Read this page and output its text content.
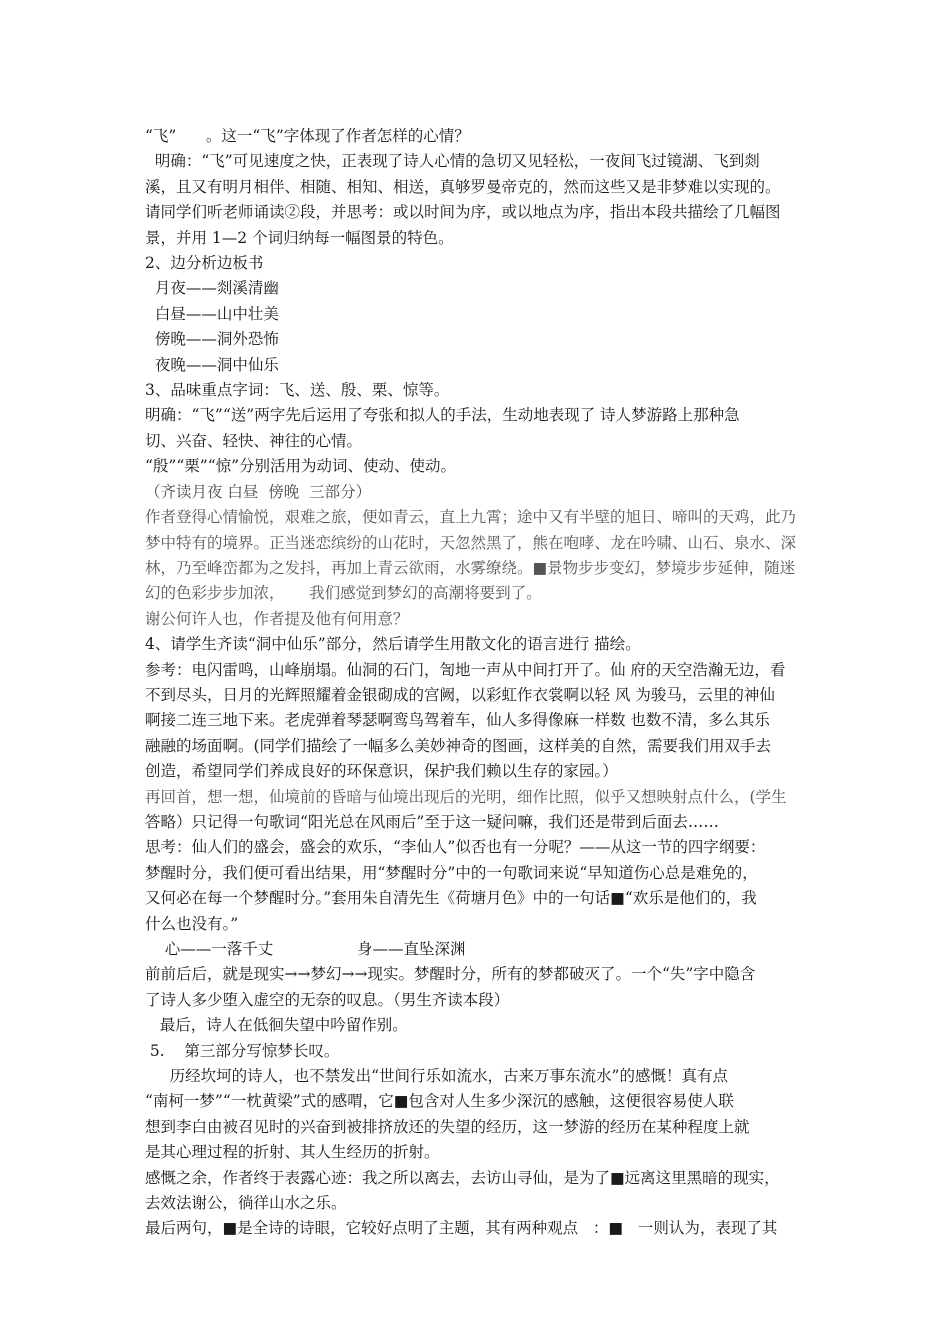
“飞”      。这一“飞”字体现了作者怎样的心情？
明确：“飞”可见速度之快，正表现了诗人心情的急切又见轻松，一夜间飞过镜湖、飞到剡
溪，且又有明月相伴、相随、相知、相送，真够罗曼帝克的，然而这些又是非梦难以实现的。
请同学们听老师诵读②段，并思考：或以时间为序，或以地点为序，指出本段共描绘了几幅图
景，并用 1—2 个词归纳每一幅图景的特色。
2、边分析边板书
月夜——剡溪清幽
白昼——山中壮美
傍晚——洞外恐怖
夜晚——洞中仙乐
3、品味重点字词：飞、送、殷、栗、惊等。
明确：“飞”“送”两字先后运用了夸张和拟人的手法，生动地表现了 诗人梦游路上那种急
切、兴奋、轻快、神往的心情。
“殷”“栗”“惊”分别活用为动词、使动、使动。
（齐读月夜 白昼  傍晚  三部分）
作者登得心情愉悦，艰难之旅，便如青云，直上九霄；途中又有半壁的旭日、啼叫的天鸡，此乃
梦中特有的境界。正当迷恋缤纷的山花时，天忽然黑了，熊在咆哮、龙在吟啸、山石、泉水、深
林，乃至峰峦都为之发抖，再加上青云欲雨，水雾缭绕。■景物步步变幻，梦境步步延伸，随迷
幻的色彩步步加浓，     我们感觉到梦幻的高潮将要到了。
谢公何许人也，作者提及他有何用意？
4、请学生齐读“洞中仙乐”部分，然后请学生用散文化的语言进行 描绘。
参考：电闪雷鸣，山峰崩塌。仙洞的石门，訇地一声从中间打开了。仙 府的天空浩瀚无边，看
不到尽头，日月的光辉照耀着金银砌成的宫阙，以彩虹作衣裳啊以轻 风 为骏马，云里的神仙
啊接二连三地下来。老虎弹着琴瑟啊鸾鸟驾着车，仙人多得像麻一样数 也数不清，多么其乐
融融的场面啊。(同学们描绘了一幅多么美妙神奇的图画，这样美的自然，需要我们用双手去
创造，希望同学们养成良好的环保意识，保护我们赖以生存的家园。）
再回首，想一想，仙境前的昏暗与仙境出现后的光明，细作比照，似乎又想映射点什么，(学生
答略）只记得一句歌词“阳光总在风雨后”至于这一疑问嘛，我们还是带到后面去……
思考：仙人们的盛会，盛会的欢乐，“李仙人”似否也有一分呢？——从这一节的四字纲要：
梦醒时分，我们便可看出结果，用“梦醒时分”中的一句歌词来说“早知道伤心总是难免的，
又何必在每一个梦醒时分。”套用朱自清先生《荷塘月色》中的一句话■“欢乐是他们的，我
什么也没有。”
心——一落千丈                 身——直坠深渊
前前后后，就是现实→→梦幻→→现实。梦醒时分，所有的梦都破灭了。一个“失”字中隐含
了诗人多少堕入虚空的无奈的叹息。（男生齐读本段）
最后，诗人在低徊失望中吟留作别。
5.    第三部分写惊梦长叹。
历经坎坷的诗人，也不禁发出“世间行乐如流水，古来万事东流水”的感慨！真有点
“南柯一梦”“一枕黄梁”式的感喟，它■包含对人生多少深沉的感触，这便很容易使人联
想到李白由被召见时的兴奋到被排挤放还的失望的经历，这一梦游的经历在某种程度上就
是其心理过程的折射、其人生经历的折射。
感慨之余，作者终于表露心迹：我之所以离去，去访山寻仙，是为了■远离这里黑暗的现实，
去效法谢公，徜徉山水之乐。
最后两句，■是全诗的诗眼，它较好点明了主题，其有两种观点   ：■   一则认为，表现了其
